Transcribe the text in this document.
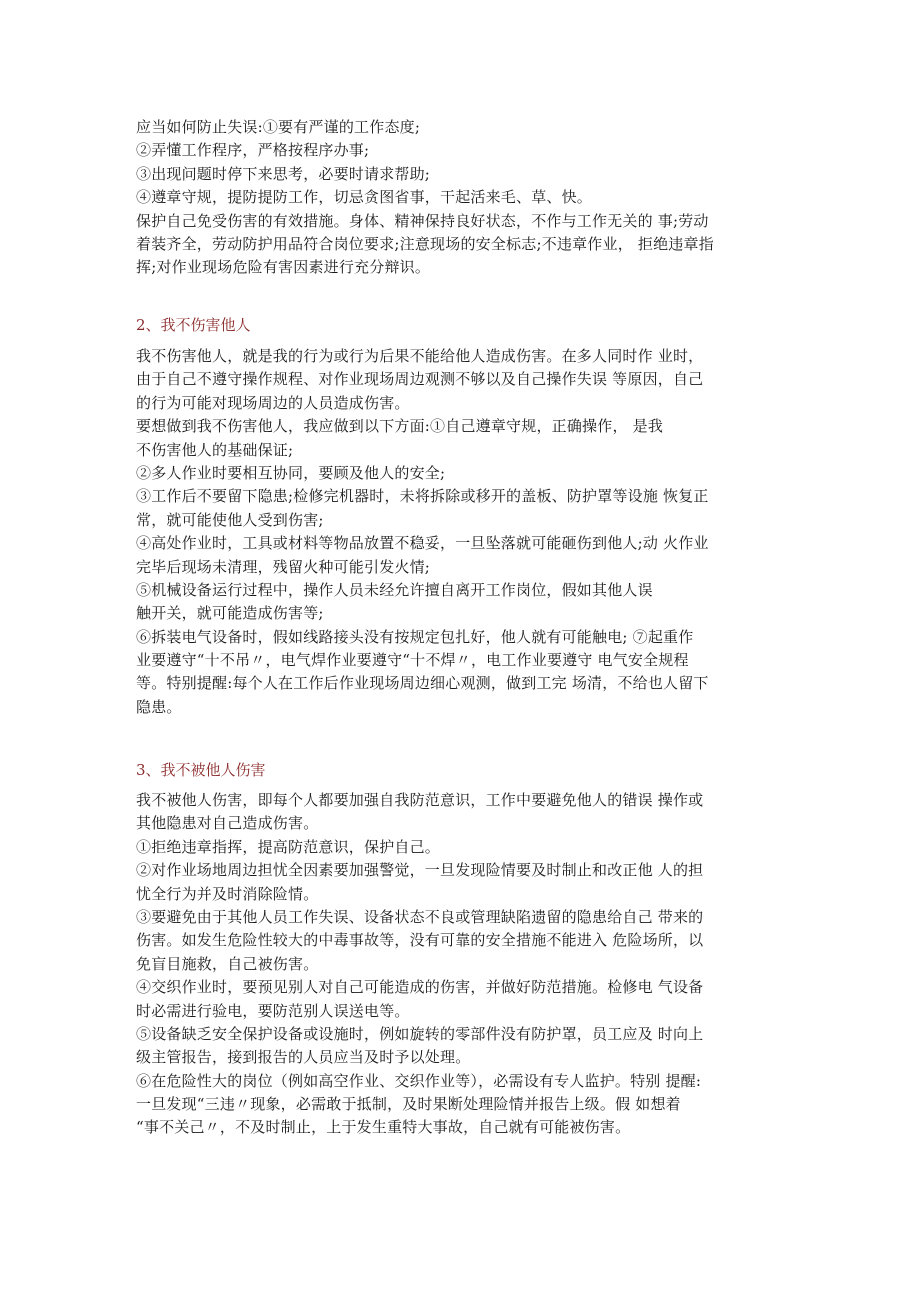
应当如何防止失误:①要有严谨的工作态度;
②弄懂工作程序，严格按程序办事;
③出现问题时停下来思考，必要时请求帮助;
④遵章守规，提防提防工作，切忌贪图省事，干起活来毛、草、快。
保护自己免受伤害的有效措施。身体、精神保持良好状态，不作与工作无关的 事;劳动
着装齐全，劳动防护用品符合岗位要求;注意现场的安全标志;不违章作业， 拒绝违章指
挥;对作业现场危险有害因素进行充分辩识。
2、我不伤害他人
我不伤害他人，就是我的行为或行为后果不能给他人造成伤害。在多人同时作 业时，
由于自己不遵守操作规程、对作业现场周边观测不够以及自己操作失误 等原因，自己
的行为可能对现场周边的人员造成伤害。
要想做到我不伤害他人，我应做到以下方面:①自己遵章守规，正确操作， 是我
不伤害他人的基础保证;
②多人作业时要相互协同，要顾及他人的安全;
③工作后不要留下隐患;检修完机器时，未将拆除或移开的盖板、防护罩等设施 恢复正
常，就可能使他人受到伤害;
④高处作业时，工具或材料等物品放置不稳妥，一旦坠落就可能砸伤到他人;动 火作业
完毕后现场未清理，残留火种可能引发火情;
⑤机械设备运行过程中，操作人员未经允许擅自离开工作岗位，假如其他人误
触开关，就可能造成伤害等;
⑥拆装电气设备时，假如线路接头没有按规定包扎好，他人就有可能触电; ⑦起重作
业要遵守“十不吊〃，电气焊作业要遵守“十不焊〃，电工作业要遵守 电气安全规程
等。特别提醒:每个人在工作后作业现场周边细心观测，做到工完 场清，不给也人留下
隐患。
3、我不被他人伤害
我不被他人伤害，即每个人都要加强自我防范意识，工作中要避免他人的错误 操作或
其他隐患对自己造成伤害。
①拒绝违章指挥，提高防范意识，保护自己。
②对作业场地周边担忧全因素要加强警觉，一旦发现险情要及时制止和改正他 人的担
忧全行为并及时消除险情。
③要避免由于其他人员工作失误、设备状态不良或管理缺陷遗留的隐患给自己 带来的
伤害。如发生危险性较大的中毒事故等，没有可靠的安全措施不能进入 危险场所，以
免盲目施救，自己被伤害。
④交织作业时，要预见别人对自己可能造成的伤害，并做好防范措施。检修电 气设备
时必需进行验电，要防范别人误送电等。
⑤设备缺乏安全保护设备或设施时，例如旋转的零部件没有防护罩，员工应及 时向上
级主管报告，接到报告的人员应当及时予以处理。
⑥在危险性大的岗位（例如高空作业、交织作业等），必需设有专人监护。特别 提醒:
一旦发现“三违〃现象，必需敢于抵制，及时果断处理险情并报告上级。假 如想着
“事不关己〃，不及时制止，上于发生重特大事故，自己就有可能被伤害。
